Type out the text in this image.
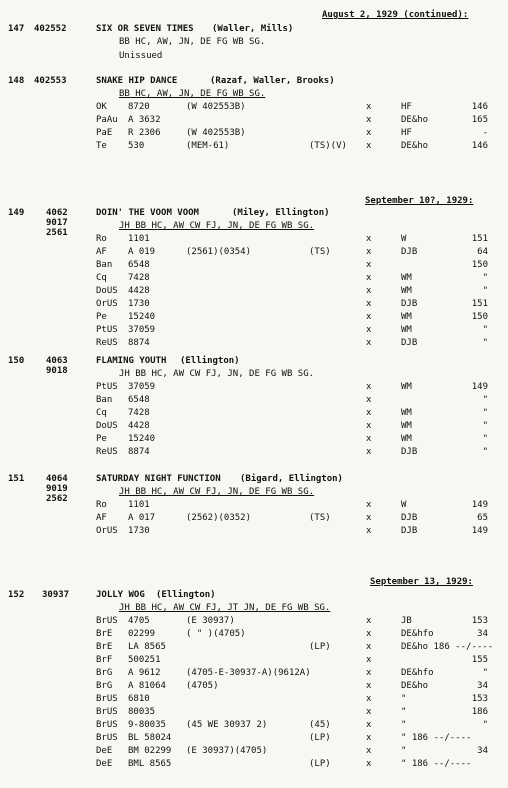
August 2, 1929 (continued):
147 402552	SIX OR SEVEN TIMES (Waller, Mills)
BB HC, AW, JN, DE FG WB SG.
Unissued
148 402553	SNAKE HIP DANCE	(Razaf, Waller, Brooks)
BB HC, AW, JN, DE FG WB SG.
OK 8720	(W 402553B)	x	HF	146
PaAu A 3632	x	DE&ho	165
PaE R 2306	(W 402553B)	x	HF	-
Te 530	(MEM-61)	(TS)(V) x	DE&ho	146
September 10?, 1929:
149 4062
9017
2561
DOIN' THE VOOM VOOM	(Miley, Ellington)
JH BB HC, AW CW FJ, JN, DE FG WB SG.
Ro 1101	x	W	151
AF A 019	(2561)(0354)	(TS)	x	DJB	64
Ban 6548	x	150
Cq 7428	x	WM	"
DoUS 4428	x	WM	"
OrUS 1730	x	DJB	151
Pe 15240	x	WM	150
PtUS 37059	x	WM	"
ReUS 8874	x	DJB	"
150 4063
9018
FLAMING YOUTH (Ellington)
JH BB HC, AW CW FJ, JN, DE FG WB SG.
PtUS 37059	x	WM	149
Ban 6548	x	"
Cq 7428	x	WM	"
DoUS 4428	x	WM	"
Pe 15240	x	WM	"
ReUS 8874	x	DJB	"
151 4064
9019
2562
SATURDAY NIGHT FUNCTION (Bigard, Ellington)
JH BB HC, AW CW FJ, JN, DE FG WB SG.
Ro 1101	x	W	149
AF A 017	(2562)(0352)	(TS)	x	DJB	65
OrUS 1730	x	DJB	149
September 13, 1929:
152 30937	JOLLY WOG (Ellington)
JH BB HC, AW CW FJ, JT JN, DE FG WB SG.
BrUS 4705	(E 30937)	x	JB	153
BrE 02299	( " )(4705)	x	DE&hfo	34
BrE LA 8565	(LP)	x	DE&ho 186 --/----
BrF 500251	x	155
BrG A 9612	(4705-E-30937-A)(9612A)	x	DE&hfo	"
BrG A 81064 (4705)	x	DE&ho	34
BrUS 6810	x	"	153
BrUS 80035	x	"	186
BrUS 9-80035 (45 WE 30937 2)	(45)	x	"	"
BrUS BL 58024	(LP)	x	" 186 --/----
DeE BM 02299 (E 30937)(4705)	x	"	34
DeE BML 8565	(LP)	x	" 186 --/----
